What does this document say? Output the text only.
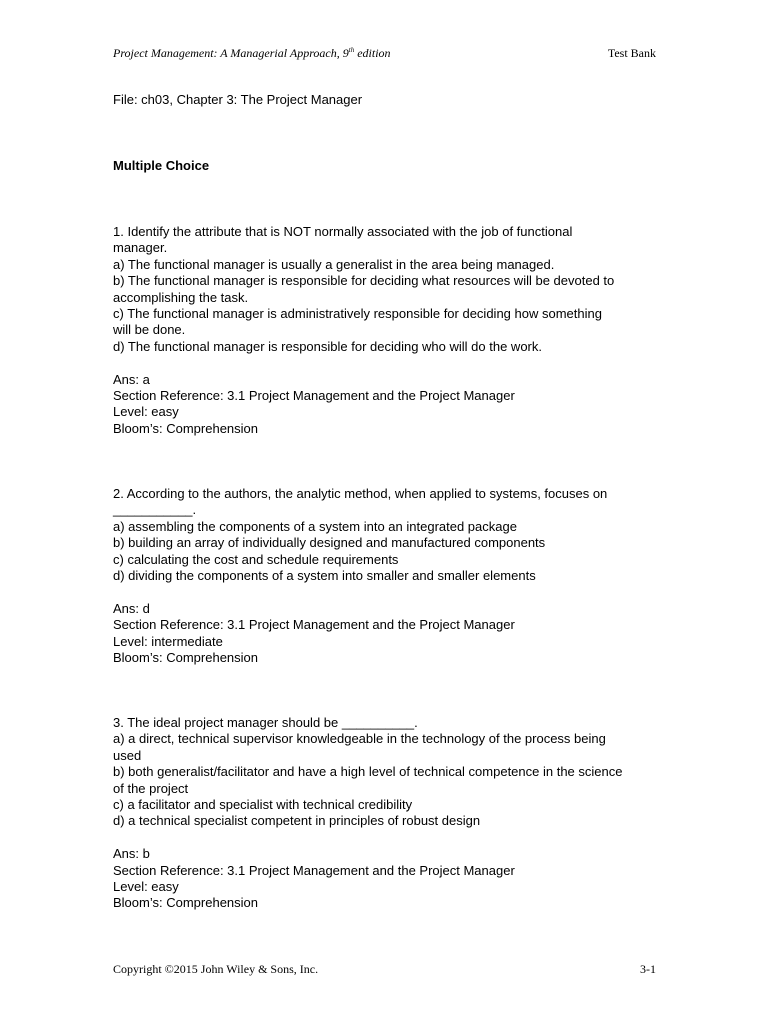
Project Management: A Managerial Approach, 9th edition	Test Bank
File: ch03, Chapter 3: The Project Manager
Multiple Choice
1. Identify the attribute that is NOT normally associated with the job of functional
manager.
a) The functional manager is usually a generalist in the area being managed.
b) The functional manager is responsible for deciding what resources will be devoted to
accomplishing the task.
c) The functional manager is administratively responsible for deciding how something
will be done.
d) The functional manager is responsible for deciding who will do the work.
Ans: a
Section Reference: 3.1 Project Management and the Project Manager
Level: easy
Bloom’s: Comprehension
2. According to the authors, the analytic method, when applied to systems, focuses on
___________.
a) assembling the components of a system into an integrated package
b) building an array of individually designed and manufactured components
c) calculating the cost and schedule requirements
d) dividing the components of a system into smaller and smaller elements
Ans: d
Section Reference: 3.1 Project Management and the Project Manager
Level: intermediate
Bloom’s: Comprehension
3. The ideal project manager should be __________.
a) a direct, technical supervisor knowledgeable in the technology of the process being
used
b) both generalist/facilitator and have a high level of technical competence in the science
of the project
c) a facilitator and specialist with technical credibility
d) a technical specialist competent in principles of robust design
Ans: b
Section Reference: 3.1 Project Management and the Project Manager
Level: easy
Bloom’s: Comprehension
Copyright ©2015 John Wiley & Sons, Inc.	3-1
